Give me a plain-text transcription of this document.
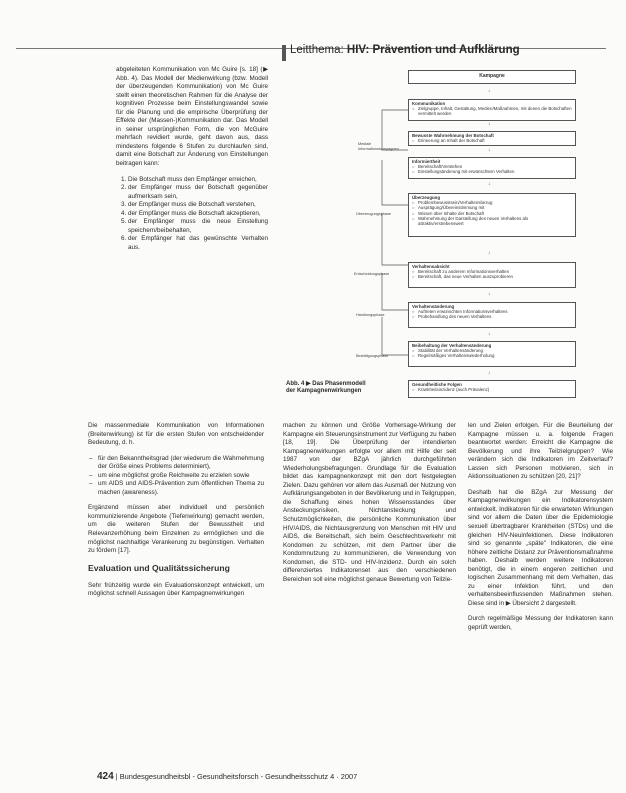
Leitthema: HIV: Prävention und Aufklärung

abgeleiteten Kommunikation von Mc Guire [s. 18] (▶ Abb. 4). Das Modell der Medienwirkung (bzw. Modell der überzeugenden Kommunikation) von Mc Guire stellt einen theoretischen Rahmen für die Analyse der kognitiven Prozesse beim Einstellungswandel sowie für die Planung und die empirische Überprüfung der Effekte der (Massen-)Kommunikation dar. Das Modell in seiner ursprünglichen Form, die von McGuire mehrfach revidiert wurde, geht davon aus, dass mindestens folgende 6 Stufen zu durchlaufen sind, damit eine Botschaft zur Änderung von Einstellungen beitragen kann:

1. Die Botschaft muss den Empfänger erreichen,
2. der Empfänger muss der Botschaft gegenüber aufmerksam sein,
3. der Empfänger muss die Botschaft verstehen,
4. der Empfänger muss die Botschaft akzeptieren,
5. der Empfänger muss die neue Einstellung speichern/beibehalten,
6. der Empfänger hat das gewünschte Verhalten aus.

Die massenmediale Kommunikation von Informationen (Breitenwirkung) ist für die ersten Stufen von entscheidender Bedeutung, d. h.

– für den Bekanntheitsgrad (der wiederum die Wahrnehmung der Größe eines Problems determiniert),
– um eine möglichst große Reichweite zu erzielen sowie
– um AIDS und AIDS-Prävention zum öffentlichen Thema zu machen (awareness).

Ergänzend müssen aber individuell und persönlich kommunizierende Angebote (Tiefenwirkung) gemacht werden, um die weiteren Stufen der Bewusstheit und Relevanzerhöhung beim Einzelnen zu ermöglichen und die möglichst nachhaltige Verankerung zu begünstigen. Verhalten zu fördern [17].

Evaluation und Qualitätssicherung

Sehr frühzeitig wurde ein Evaluationskonzept entwickelt, um möglichst schnell Aussagen über Kampagnenwirkungen

machen zu können und Größe Vorhersage-Wirkung der Kampagne ein Steuerungsinstrument zur Verfügung zu haben [18, 19]. Die Überprüfung der intendierten Kampagnenwirkungen erfolgte vor allem mit Hilfe der seit 1987 von der BZgA jährlich durchgeführten Wiederholungsbefragungen. Grundlage für die Evaluation bildet das kampagnenkonzept mit den dort festgelegten Zielen. Dazu gehören vor allem das Ausmaß der Nutzung von Aufklärungsangeboten in der Bevölkerung und in Teilgruppen, die Schaffung eines hohen Wissensstandes über Ansteckungsrisiken, Nichtansteckung und Schutzmöglichkeiten, die persönliche Kommunikation über HIV/AIDS, die Nichtausgrenzung von Menschen mit HIV und AIDS, die Bereitschaft, sich beim Geschlechtsverkehr mit Kondomen zu schützen, mit dem Partner über die Kondomnutzung zu kommunizieren, die Verwendung von Kondomen, die STD- und HIV-Inzidenz. Durch ein solch differenziertes Indikatorenset aus den verschiedenen Bereichen soll eine möglichst genaue Bewertung von Teilzie-

len und Zielen erfolgen. Für die Beurteilung der Kampagne müssen u. a. folgende Fragen beantwortet werden: Erreicht die Kampagne die Bevölkerung und ihre Teilzielgruppen? Wie verändern sich die Indikatoren im Zeitverlauf? Lassen sich Personen motivieren, sich in Aktionssituationen zu schützen [20, 21]?

Deshalb hat die BZgA zur Messung der Kampagnenwirkungen ein Indikatorensystem entwickelt. Indikatoren für die erwarteten Wirkungen sind vor allem die Daten über die Epidemiologie sexuell übertragbarer Krankheiten (STDs) und die gleichen HIV-Neuinfektionen. Diese Indikatoren sind so genannte „späte" Indikatoren, die eine höhere zeitliche Distanz zur Präventionsmaßnahme haben. Deshalb werden weitere Indikatoren benötigt, die in einem engeren zeitlichen und logischen Zusammenhang mit dem Verhalten, das zu einer Infektion führt, und den verhaltensbeeinflussenden Maßnahmen stehen. Diese sind in ▶ Übersicht 2 dargestellt.

Durch regelmäßige Messung der Indikatoren kann geprüft werden,

Kampagne
↓
Kommunikation
○ Zielgruppe, Inhalt, Gestaltung, Medien/Maßnahmen, mit denen die Botschaften vermittelt werden
↓
Bewusste Wahrnehmung der Botschaft
○ Erinnerung an Inhalt der Botschaft
↓
Informiertheit
○ Bereitschaft/Verstehen
○ Einstellungsänderung mit erwünschtem Verhalten
↓
Überzeugung
○ Problembewusstsein/Verhaltensbezug
○ Ausprägung/Übereinstimmung mit
○ Wissen über Inhalte der Botschaft
○ Wahrnehmung der Darstellung des neuen Verhaltens als attraktiv/erstrebenswert
↓
Verhaltensabsicht
○ Bereitschaft zu anderem Informationsverhalten
○ Bereitschaft, das neue Verhalten auszuprobieren
↓
Verhaltensänderung
○ Auftreten erwünschten Informationsverhaltens
○ Probehandlung des neuen Verhaltens
↓
Beibehaltung der Verhaltensänderung
○ Stabilität der Verhaltensänderung
○ Regelmäßiges Verhaltenswiederholung
↓
Gesundheitliche Folgen
○ Krankheitsinzidenz (auch Prävalenz)
Mediale Informationskampagnen
Überzeugungsphase
Entscheidungsphase
Handlungsphase
Bestätigungsphase
Abb. 4 ▶ Das Phasenmodell der Kampagnenwirkungen
424 | Bundesgesundheitsbl - Gesundheitsforsch - Gesundheitsschutz 4 · 2007
